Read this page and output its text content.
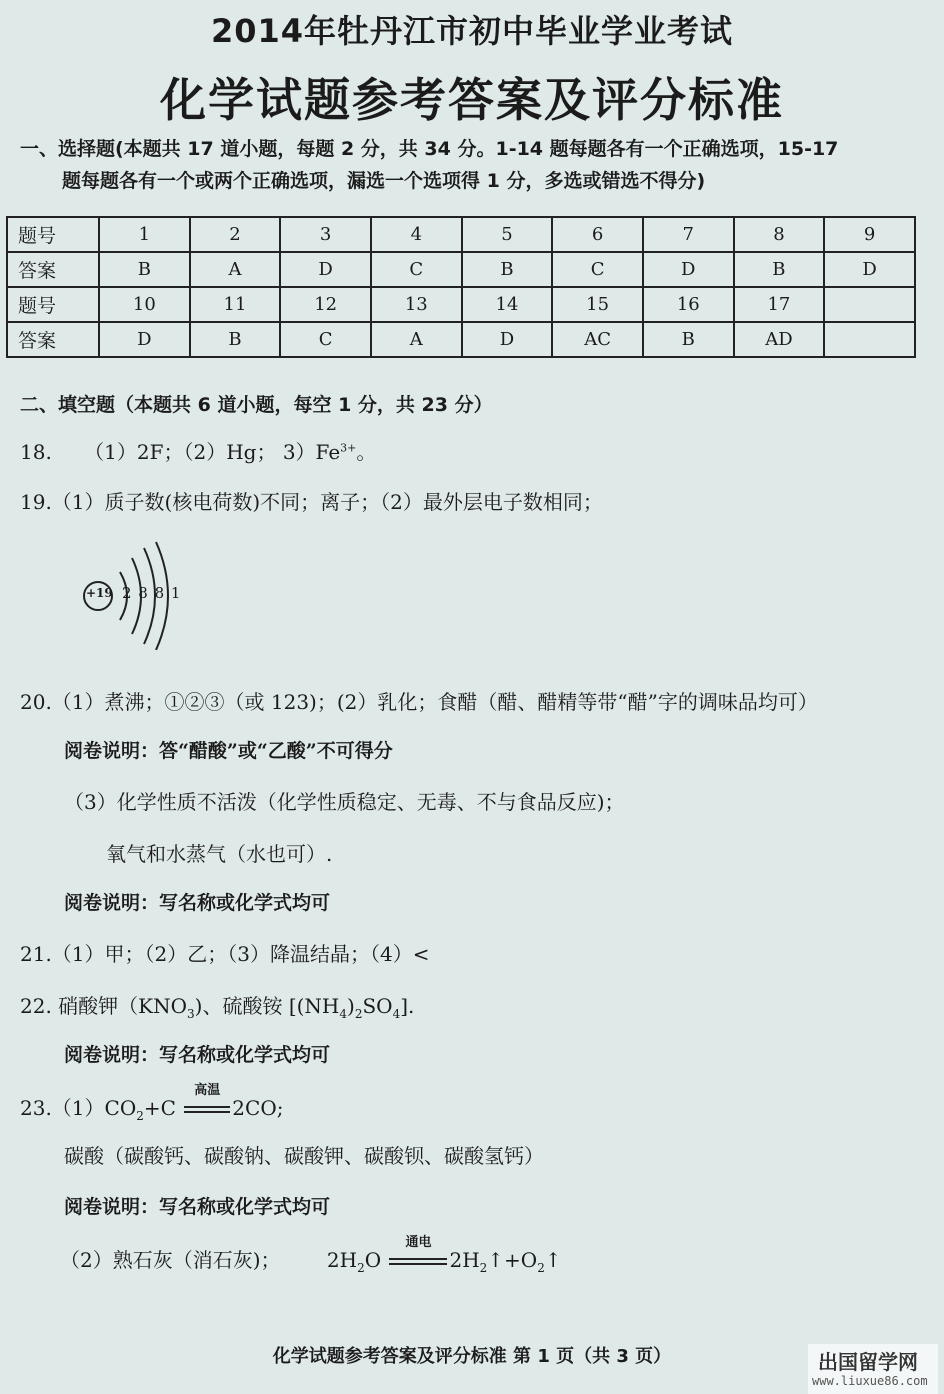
2014年牡丹江市初中毕业学业考试
化学试题参考答案及评分标准
一、选择题(本题共 17 道小题，每题 2 分，共 34 分。1-14 题每题各有一个正确选项，15-17
题每题各有一个或两个正确选项，漏选一个选项得 1 分，多选或错选不得分)
题号	1	2	3	4	5	6	7	8	9
答案	B	A	D	C	B	C	D	B	D
题号	10	11	12	13	14	15	16	17	
答案	D	B	C	A	D	AC	B	AD	
二、填空题（本题共 6 道小题，每空 1 分，共 23 分）
18. （1）2F；（2）Hg； $3)Fe^{3+}$。
19.（1）质子数(核电荷数)不同；离子；（2）最外层电子数相同；
+19 2 8 8 1
20.（1）煮沸；①②③（或 123)；(2）乳化；食醋（醋、醋精等带“醋”字的调味品均可）
阅卷说明：答“醋酸”或“乙酸”不可得分
（3）化学性质不活泼（化学性质稳定、无毒、不与食品反应)；
氧气和水蒸气（水也可）.
阅卷说明：写名称或化学式均可
21.（1）甲；（2）乙；（3）降温结晶；（4）<
22. 硝酸钾$(KNO_3)$、硫酸铵 $[(NH_4)_2SO_4]$.
阅卷说明：写名称或化学式均可
$23.(1)CO_2+C$
高温
2CO;
碳酸（碳酸钙、碳酸钠、碳酸钾、碳酸钡、碳酸氢钙）
阅卷说明：写名称或化学式均可
（2）熟石灰（消石灰)； $2H_2O$
通电
$2H_2↑+O_2↑$
化学试题参考答案及评分标准 第 1 页（共 3 页）	出国留学网
www.liuxue86.com
